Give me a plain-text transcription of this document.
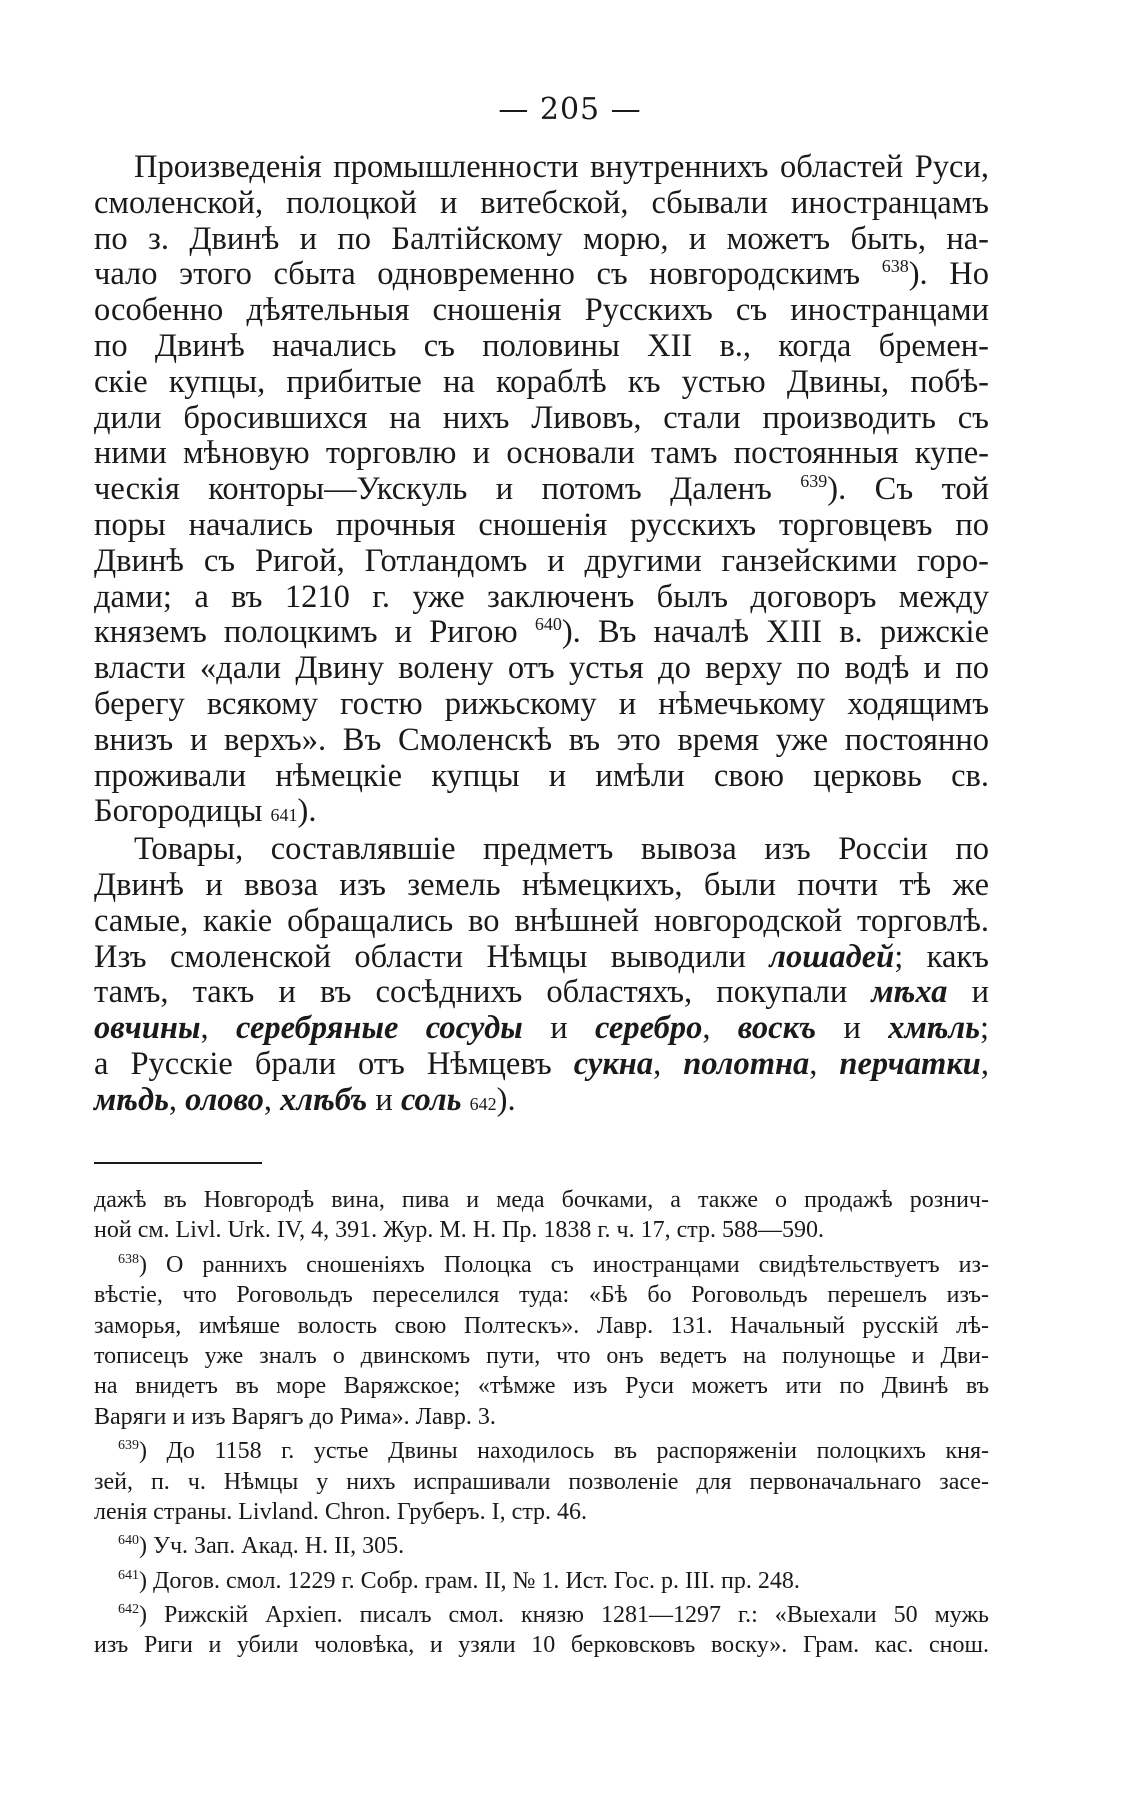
— 205 —
Произведенія промышленности внутреннихъ областей Руси,
смоленской, полоцкой и витебской, сбывали иностранцамъ
по з. Двинѣ и по Балтійскому морю, и можетъ быть, на-
чало этого сбыта одновременно съ новгородскимъ $^{638}$). Но
особенно дѣятельныя сношенія Русскихъ съ иностранцами
по Двинѣ начались съ половины XII в., когда бремен-
скіе купцы, прибитые на кораблѣ къ устью Двины, побѣ-
дили бросившихся на нихъ Ливовъ, стали производить съ
ними мѣновую торговлю и основали тамъ постоянныя купе-
ческія конторы—Укскуль и потомъ Даленъ $^{639}$). Съ той
поры начались прочныя сношенія русскихъ торговцевъ по
Двинѣ съ Ригой, Готландомъ и другими ганзейскими горо-
дами; а въ 1210 г. уже заключенъ былъ договоръ между
княземъ полоцкимъ и Ригою $^{640}$). Въ началѣ XIII в. рижскіе
власти «дали Двину волену отъ устья до верху по водѣ и по
берегу всякому гостю рижьскому и нѣмечькому ходящимъ
внизъ и верхъ». Въ Смоленскѣ въ это время уже постоянно
проживали нѣмецкіе купцы и имѣли свою церковь св.
Богородицы 641).
Товары, составлявшіе предметъ вывоза изъ Россіи по
Двинѣ и ввоза изъ земель нѣмецкихъ, были почти тѣ же
самые, какіе обращались во внѣшней новгородской торговлѣ.
Изъ смоленской области Нѣмцы выводили лошадей; какъ
тамъ, такъ и въ сосѣднихъ областяхъ, покупали мѣха и
овчины, серебряные сосуды и серебро, воскъ и хмѣль;
а Русскіе брали отъ Нѣмцевъ сукна, полотна, перчатки,
мѣдь, олово, хлѣбъ и соль 642).
дажѣ въ Новгородѣ вина, пива и меда бочками, а также о продажѣ рознич-
ной см. Livl. Urk. IV, 4, 391. Жур. М. Н. Пр. 1838 г. ч. 17, стр. 588—590.
$^{638}$) О раннихъ сношеніяхъ Полоцка съ иностранцами свидѣтельствуетъ из-
вѣстіе, что Роговольдъ переселился туда: «Бѣ бо Роговольдъ перешелъ изъ-
заморья, имѣяше волость свою Полтескъ». Лавр. 131. Начальный русскій лѣ-
тописецъ уже зналъ о двинскомъ пути, что онъ ведетъ на полунощье и Дви-
на внидетъ въ море Варяжское; «тѣмже изъ Руси можетъ ити по Двинѣ въ
Варяги и изъ Варягъ до Рима». Лавр. 3.
$^{639}$) До 1158 г. устье Двины находилось въ распоряженіи полоцкихъ кня-
зей, п. ч. Нѣмцы у нихъ испрашивали позволеніе для первоначальнаго засе-
ленія страны. Livland. Chron. Груберъ. I, стр. 46.
$^{640}$) Уч. Зап. Акад. Н. II, 305.
$^{641}$) Догов. смол. 1229 г. Собр. грам. II, № 1. Ист. Гос. р. III. пр. 248.
$^{642}$) Рижскій Архіеп. писалъ смол. князю 1281—1297 г.: «Выехали 50 мужь
изъ Риги и убили чоловѣка, и узяли 10 берковсковъ воску». Грам. кас. снош.
